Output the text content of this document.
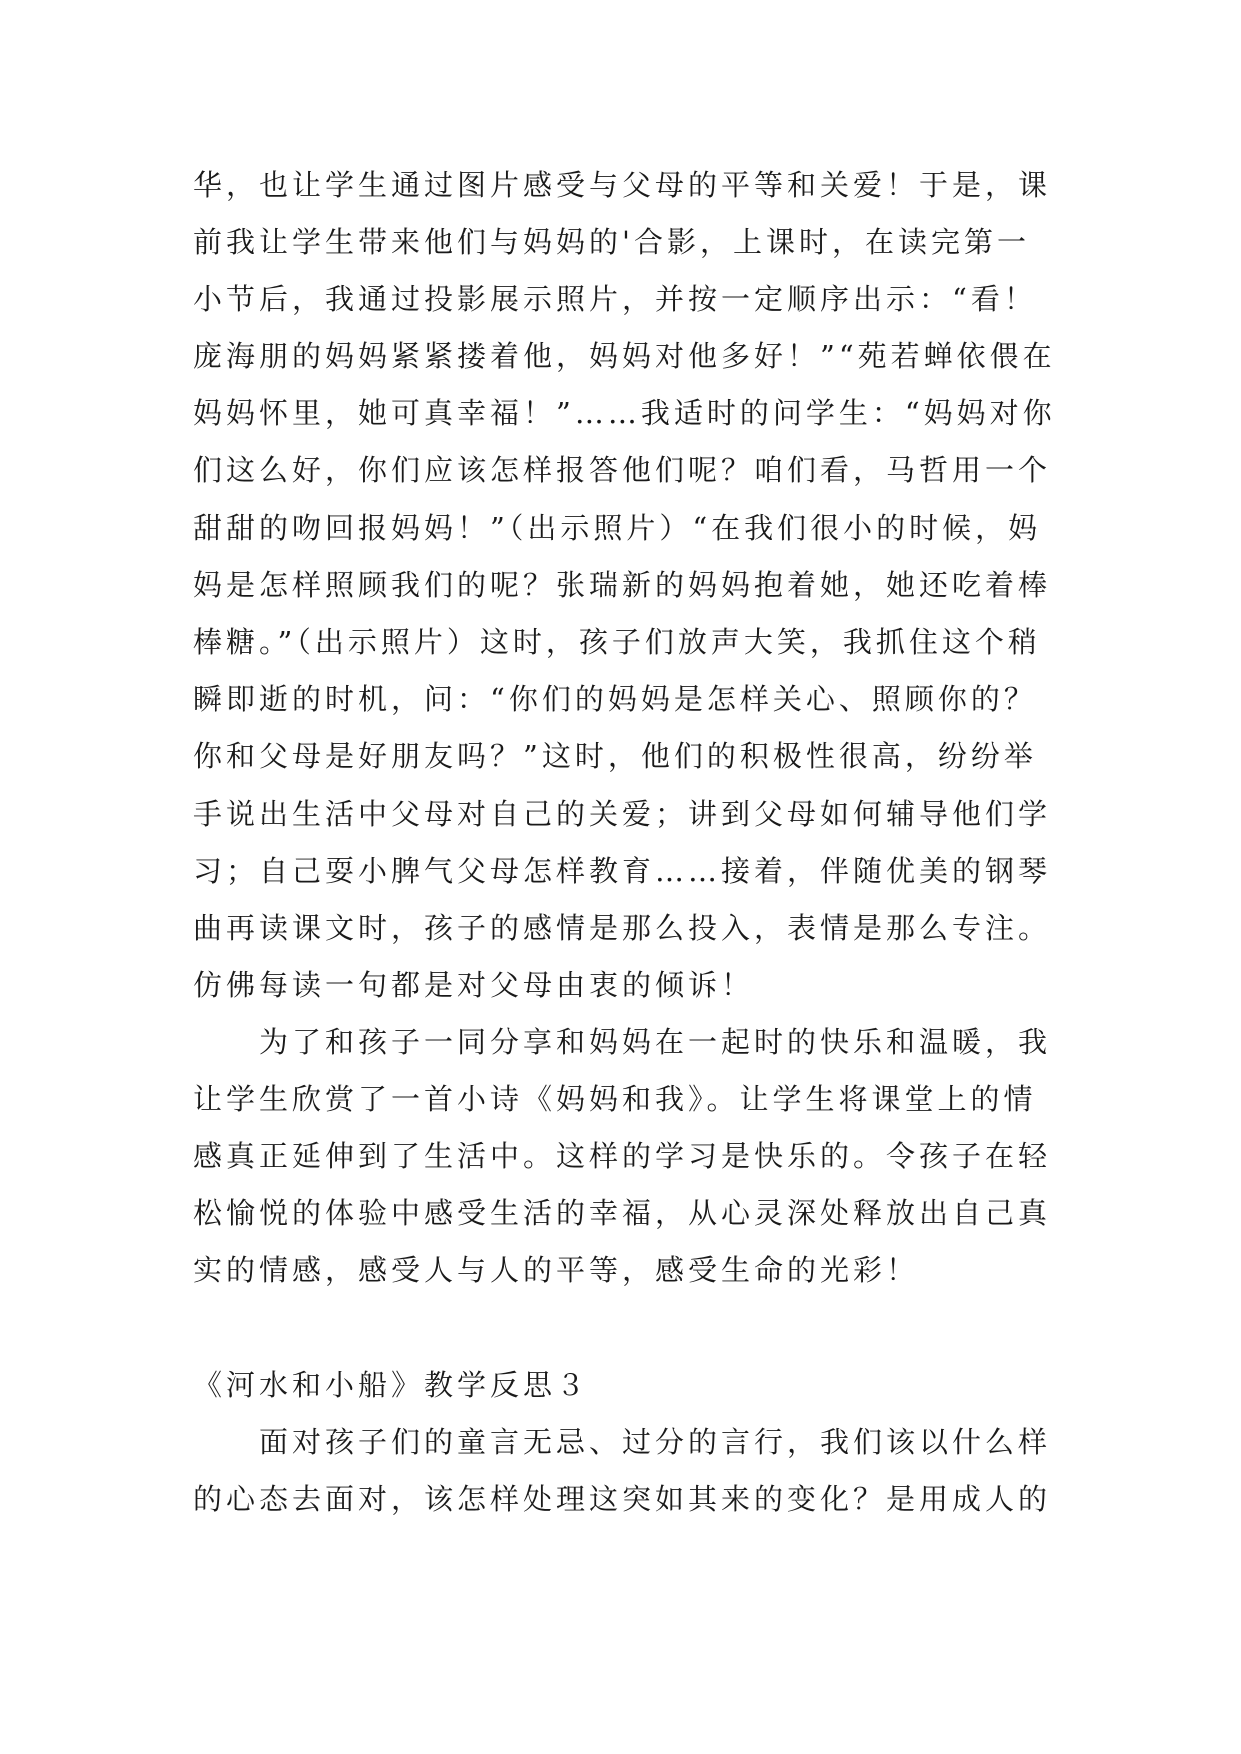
华，也让学生通过图片感受与父母的平等和关爱！于是，课
前我让学生带来他们与妈妈的'合影，上课时，在读完第一
小节后，我通过投影展示照片，并按一定顺序出示：“看！
庞海朋的妈妈紧紧搂着他，妈妈对他多好！”“苑若蝉依偎在
妈妈怀里，她可真幸福！”……我适时的问学生：“妈妈对你
们这么好，你们应该怎样报答他们呢？咱们看，马哲用一个
甜甜的吻回报妈妈！”（出示照片）“在我们很小的时候，妈
妈是怎样照顾我们的呢？张瑞新的妈妈抱着她，她还吃着棒
棒糖。”（出示照片）这时，孩子们放声大笑，我抓住这个稍
瞬即逝的时机，问：“你们的妈妈是怎样关心、照顾你的？
你和父母是好朋友吗？”这时，他们的积极性很高，纷纷举
手说出生活中父母对自己的关爱；讲到父母如何辅导他们学
习；自己耍小脾气父母怎样教育……接着，伴随优美的钢琴
曲再读课文时，孩子的感情是那么投入，表情是那么专注。
仿佛每读一句都是对父母由衷的倾诉！
　　为了和孩子一同分享和妈妈在一起时的快乐和温暖，我
让学生欣赏了一首小诗《妈妈和我》。让学生将课堂上的情
感真正延伸到了生活中。这样的学习是快乐的。令孩子在轻
松愉悦的体验中感受生活的幸福，从心灵深处释放出自己真
实的情感，感受人与人的平等，感受生命的光彩！
《河水和小船》教学反思３
　　面对孩子们的童言无忌、过分的言行，我们该以什么样
的心态去面对，该怎样处理这突如其来的变化？是用成人的
